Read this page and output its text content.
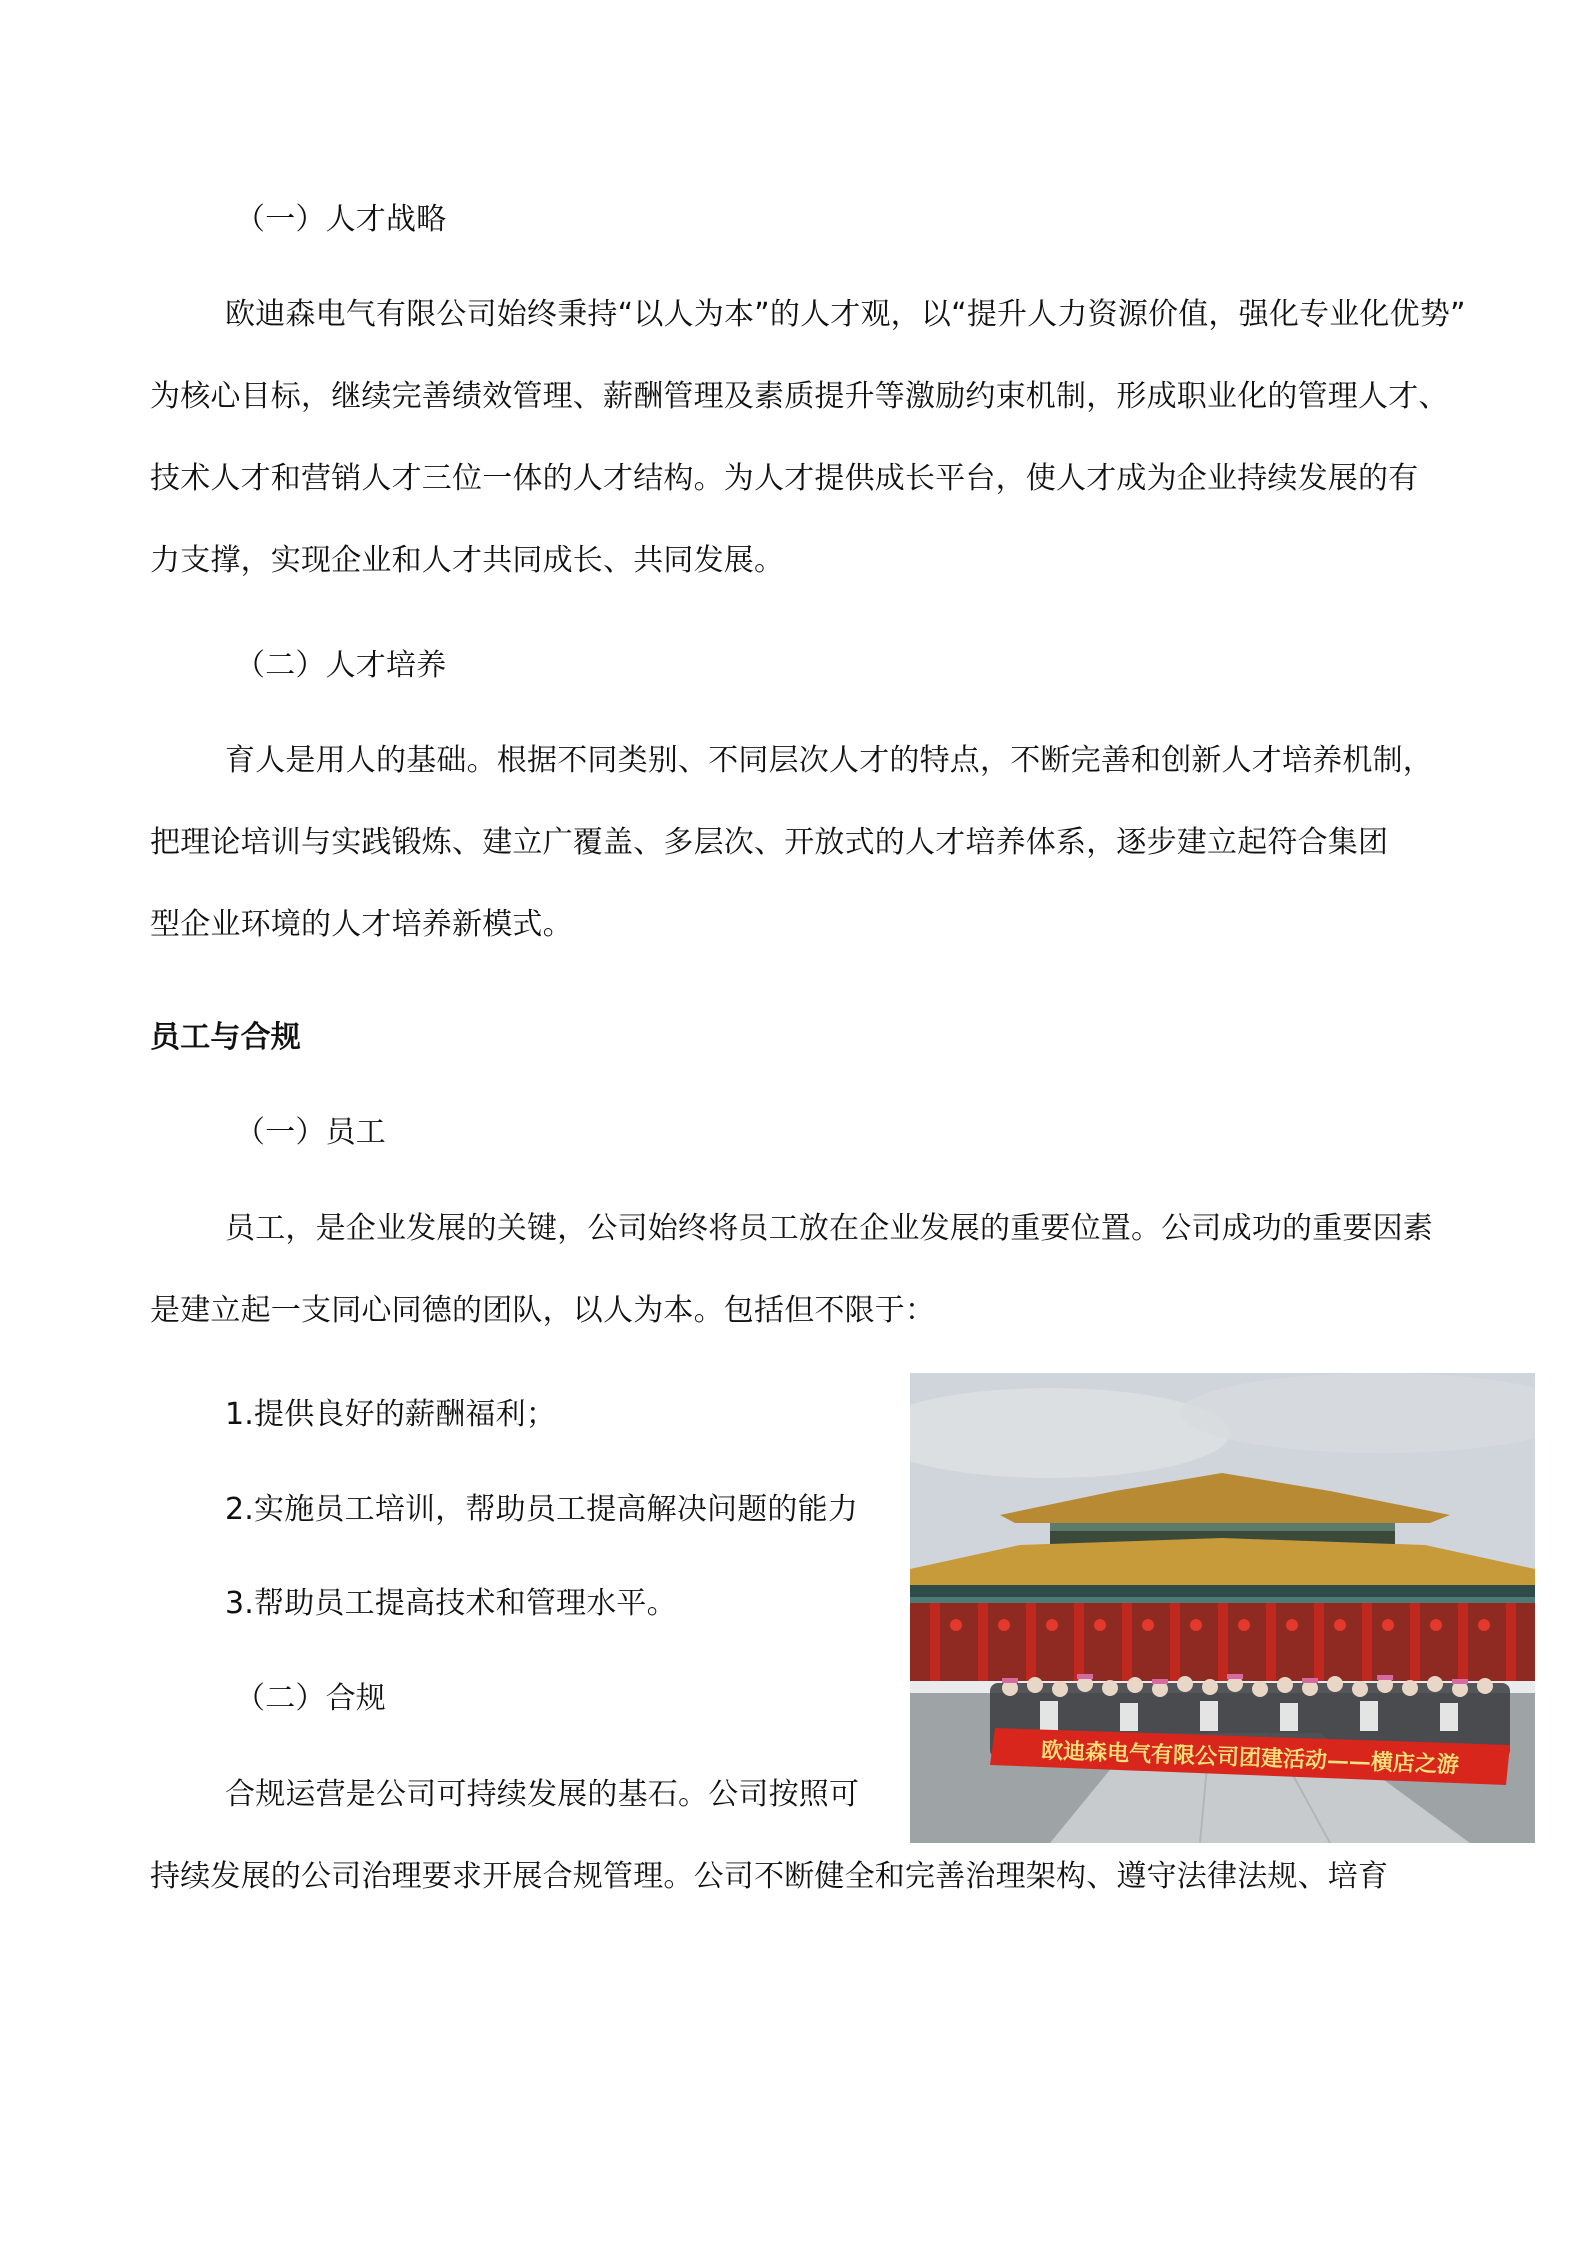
（一）人才战略

欧迪森电气有限公司始终秉持“以人为本”的人才观，以“提升人力资源价值，强化专业化优势”

为核心目标，继续完善绩效管理、薪酬管理及素质提升等激励约束机制，形成职业化的管理人才、

技术人才和营销人才三位一体的人才结构。为人才提供成长平台，使人才成为企业持续发展的有

力支撑，实现企业和人才共同成长、共同发展。

（二）人才培养

育人是用人的基础。根据不同类别、不同层次人才的特点，不断完善和创新人才培养机制，

把理论培训与实践锻炼、建立广覆盖、多层次、开放式的人才培养体系，逐步建立起符合集团

型企业环境的人才培养新模式。

员工与合规

（一）员工

员工，是企业发展的关键，公司始终将员工放在企业发展的重要位置。公司成功的重要因素

是建立起一支同心同德的团队，以人为本。包括但不限于：

1.提供良好的薪酬福利；

2.实施员工培训，帮助员工提高解决问题的能力

3.帮助员工提高技术和管理水平。

（二）合规

合规运营是公司可持续发展的基石。公司按照可

持续发展的公司治理要求开展合规管理。公司不断健全和完善治理架构、遵守法律法规、培育

欧迪森电气有限公司团建活动——横店之游
